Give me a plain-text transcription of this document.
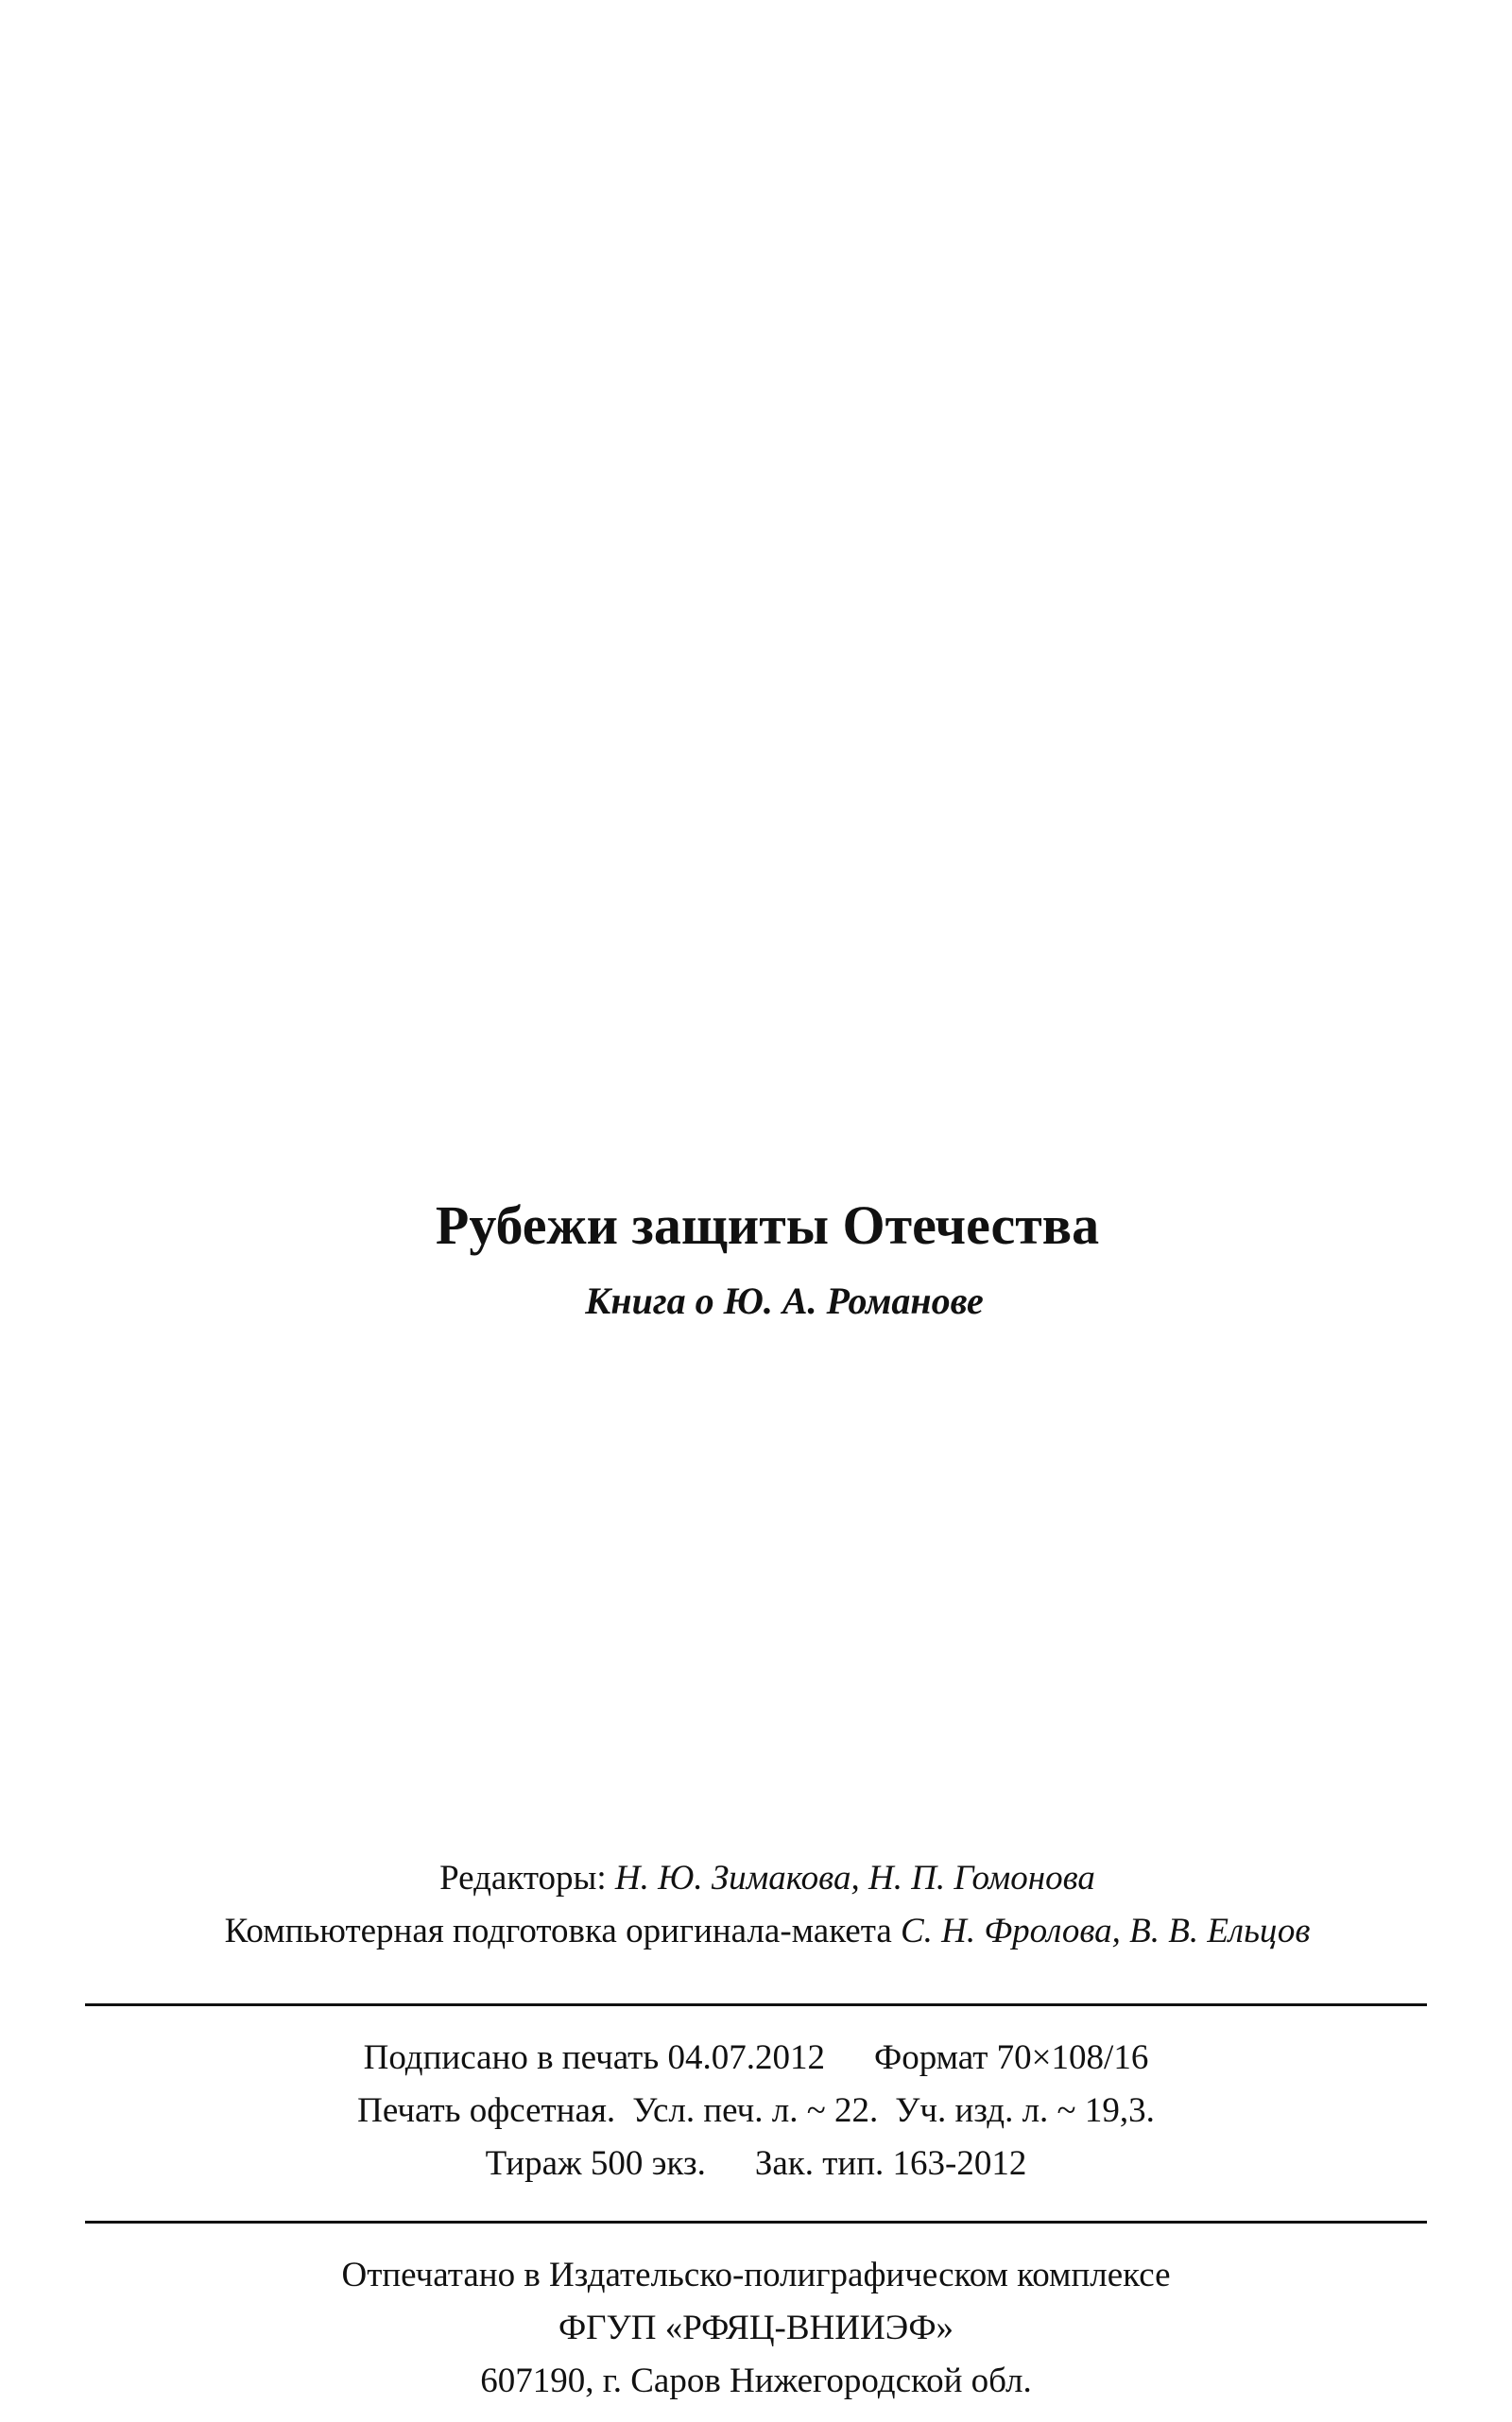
Рубежи защиты Отечества
Книга о Ю. А. Романове
Редакторы: Н. Ю. Зимакова, Н. П. Гомонова
Компьютерная подготовка оригинала-макета С. Н. Фролова, В. В. Ельцов
Подписано в печать 04.07.2012 Формат 70×108/16
Печать офсетная. Усл. печ. л. ~ 22. Уч. изд. л. ~ 19,3.
Тираж 500 экз. Зак. тип. 163-2012
Отпечатано в Издательско-полиграфическом комплексе
ФГУП «РФЯЦ-ВНИИЭФ»
607190, г. Саров Нижегородской обл.
